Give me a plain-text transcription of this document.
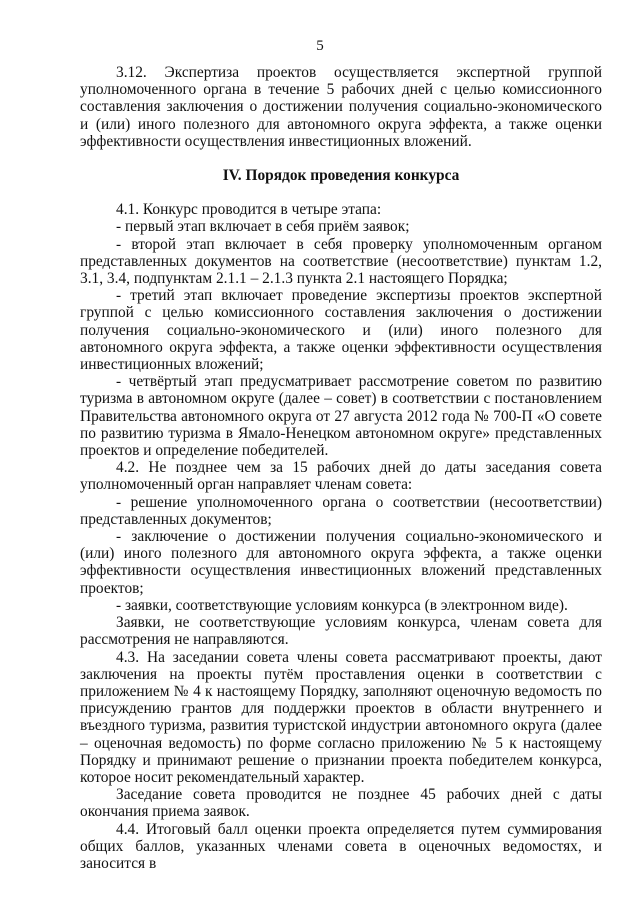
5

3.12. Экспертиза проектов осуществляется экспертной группой уполномоченного органа в течение 5 рабочих дней с целью комиссионного составления заключения о достижении получения социально-экономического и (или) иного полезного для автономного округа эффекта, а также оценки эффективности осуществления инвестиционных вложений.

IV. Порядок проведения конкурса

4.1. Конкурс проводится в четыре этапа:

- первый этап включает в себя приём заявок;

- второй этап включает в себя проверку уполномоченным органом представленных документов на соответствие (несоответствие) пунктам 1.2, 3.1, 3.4, подпунктам 2.1.1 – 2.1.3 пункта 2.1 настоящего Порядка;

- третий этап включает проведение экспертизы проектов экспертной группой с целью комиссионного составления заключения о достижении получения социально-экономического и (или) иного полезного для автономного округа эффекта, а также оценки эффективности осуществления инвестиционных вложений;

- четвёртый этап предусматривает рассмотрение советом по развитию туризма в автономном округе (далее – совет) в соответствии с постановлением Правительства автономного округа от 27 августа 2012 года № 700-П «О совете по развитию туризма в Ямало-Ненецком автономном округе» представленных проектов и определение победителей.

4.2. Не позднее чем за 15 рабочих дней до даты заседания совета уполномоченный орган направляет членам совета:

- решение уполномоченного органа о соответствии (несоответствии) представленных документов;

- заключение о достижении получения социально-экономического и (или) иного полезного для автономного округа эффекта, а также оценки эффективности осуществления инвестиционных вложений представленных проектов;

- заявки, соответствующие условиям конкурса (в электронном виде).

Заявки, не соответствующие условиям конкурса, членам совета для рассмотрения не направляются.

4.3. На заседании совета члены совета рассматривают проекты, дают заключения на проекты путём проставления оценки в соответствии с приложением № 4 к настоящему Порядку, заполняют оценочную ведомость по присуждению грантов для поддержки проектов в области внутреннего и въездного туризма, развития туристской индустрии автономного округа (далее – оценочная ведомость) по форме согласно приложению № 5 к настоящему Порядку и принимают решение о признании проекта победителем конкурса, которое носит рекомендательный характер.

Заседание совета проводится не позднее 45 рабочих дней с даты окончания приема заявок.

4.4. Итоговый балл оценки проекта определяется путем суммирования общих баллов, указанных членами совета в оценочных ведомостях, и заносится в
